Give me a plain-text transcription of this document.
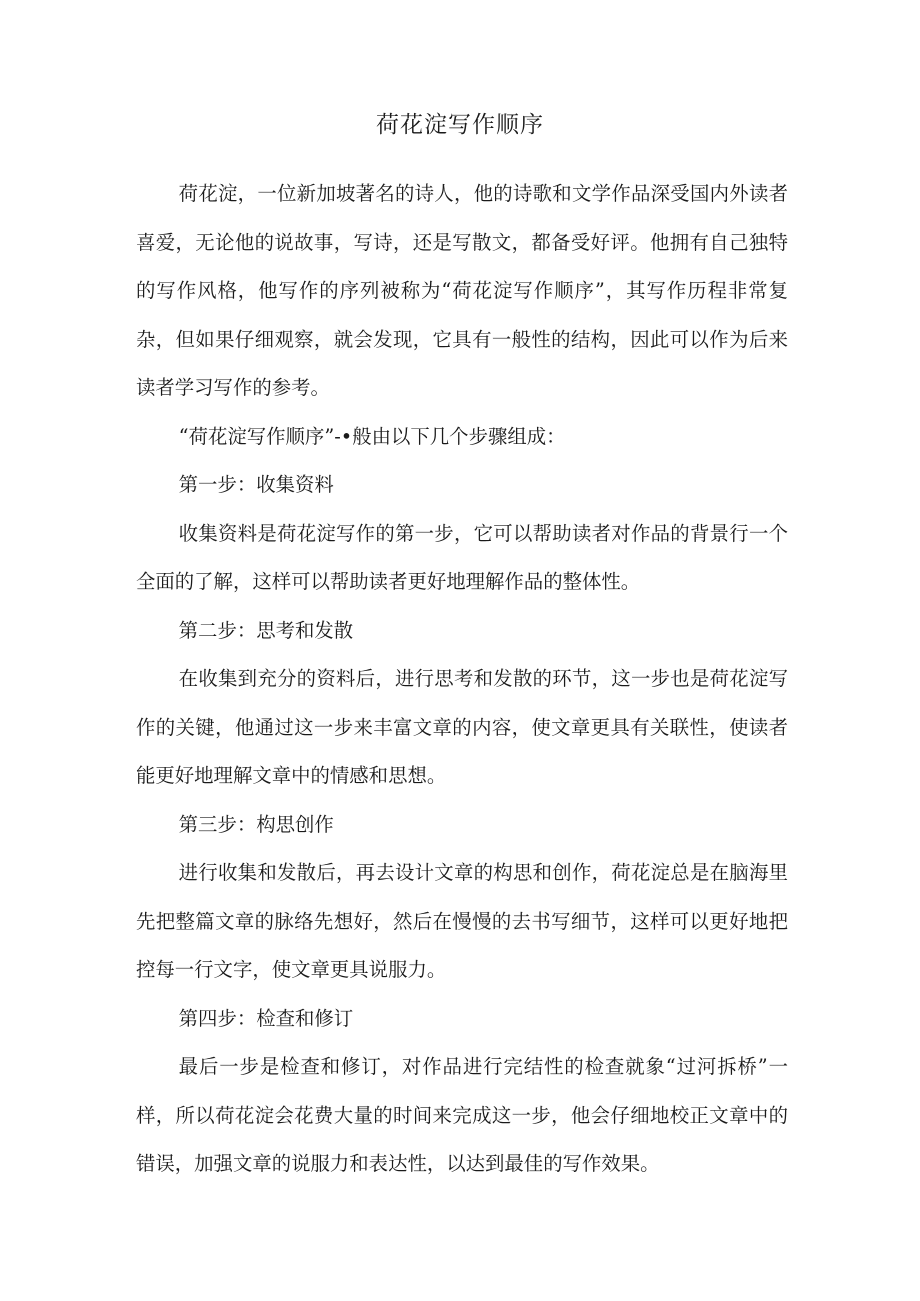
荷花淀写作顺序

荷花淀，一位新加坡著名的诗人，他的诗歌和文学作品深受国内外读者喜爱，无论他的说故事，写诗，还是写散文，都备受好评。他拥有自己独特的写作风格，他写作的序列被称为“荷花淀写作顺序”，其写作历程非常复杂，但如果仔细观察，就会发现，它具有一般性的结构，因此可以作为后来读者学习写作的参考。

“荷花淀写作顺序”-•般由以下几个步骤组成：

第一步：收集资料

收集资料是荷花淀写作的第一步，它可以帮助读者对作品的背景行一个全面的了解，这样可以帮助读者更好地理解作品的整体性。

第二步：思考和发散

在收集到充分的资料后，进行思考和发散的环节，这一步也是荷花淀写作的关键，他通过这一步来丰富文章的内容，使文章更具有关联性，使读者能更好地理解文章中的情感和思想。

第三步：构思创作

进行收集和发散后，再去设计文章的构思和创作，荷花淀总是在脑海里先把整篇文章的脉络先想好，然后在慢慢的去书写细节，这样可以更好地把控每一行文字，使文章更具说服力。

第四步：检查和修订

最后一步是检查和修订，对作品进行完结性的检查就象“过河拆桥”一样，所以荷花淀会花费大量的时间来完成这一步，他会仔细地校正文章中的错误，加强文章的说服力和表达性，以达到最佳的写作效果。
